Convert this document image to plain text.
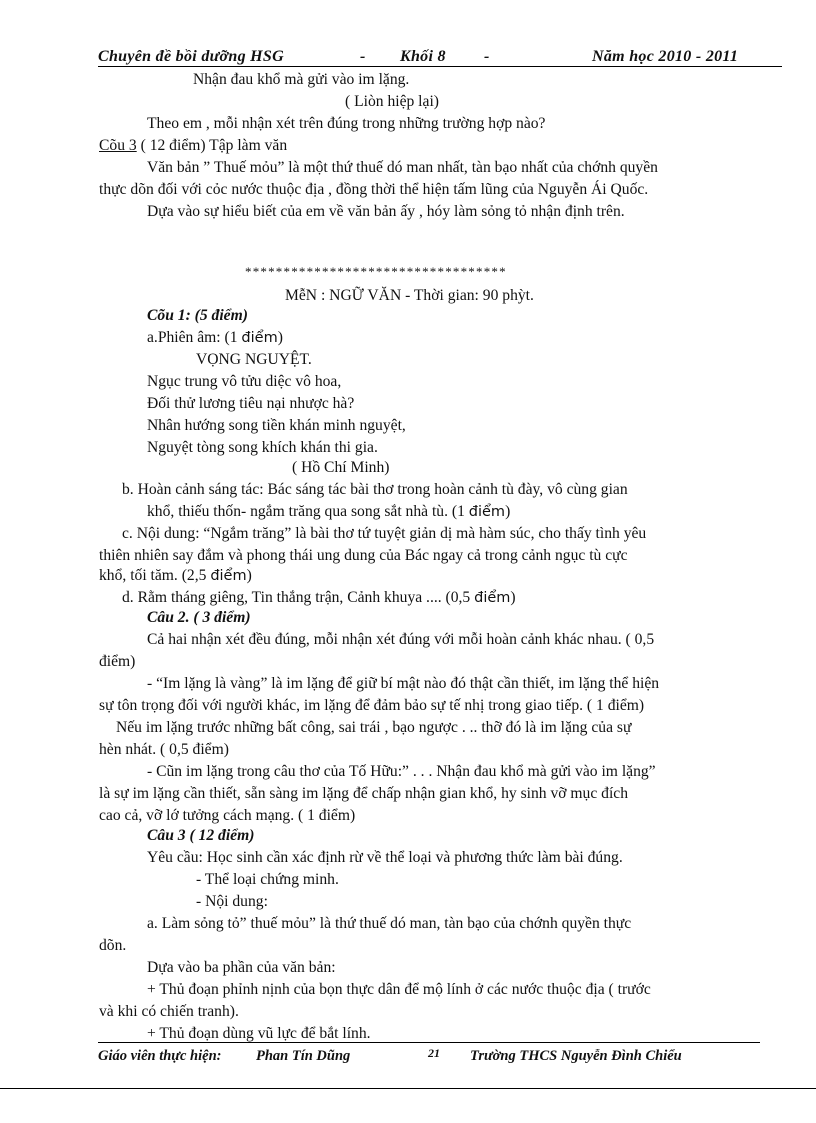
Chuyên đề bồi dưỡng HSG	- Khối 8 -	Năm học 2010 - 2011
Nhận đau khổ mà gửi vào im lặng.
( Liòn hiệp lại)
Theo em , mỗi nhận xét trên đúng trong những trường hợp nào?
Cõu 3 ( 12 điểm) Tập làm văn
Văn bản ” Thuế mỏu” là một thứ thuế dó man nhất, tàn bạo nhất của chớnh quyền
thực dõn đối với cỏc nước thuộc địa , đồng thời thể hiện tấm lũng của Nguyễn Ái Quốc.
Dựa vào sự hiểu biết của em về văn bản ấy , hóy làm sỏng tỏ nhận định trên.
**********************************
MễN : NGỮ VĂN - Thời gian: 90 phỳt.
Cõu 1: (5 điểm)
a.Phiên âm: (1 điểm)
VỌNG NGUYỆT.
Ngục trung vô tửu diệc vô hoa,
Đối thử lương tiêu nại nhược hà?
Nhân hướng song tiền khán minh nguyệt,
Nguyệt tòng song khích khán thi gia.
( Hồ Chí Minh)
b. Hoàn cảnh sáng tác: Bác sáng tác bài thơ trong hoàn cảnh tù đày, vô cùng gian
khổ, thiếu thốn- ngắm trăng qua song sắt nhà tù. (1 điểm)
c. Nội dung: “Ngắm trăng” là bài thơ tứ tuyệt giản dị mà hàm súc, cho thấy tình yêu
thiên nhiên say đắm và phong thái ung dung của Bác ngay cả trong cảnh ngục tù cực
khổ, tối tăm. (2,5 điểm)
d. Rằm tháng giêng, Tin thắng trận, Cảnh khuya .... (0,5 điểm)
Câu 2. ( 3 điểm)
Cả hai nhận xét đều đúng, mỗi nhận xét đúng với mỗi hoàn cảnh khác nhau. ( 0,5
điểm)
- “Im lặng là vàng” là im lặng để giữ bí mật nào đó thật cần thiết, im lặng thể hiện
sự tôn trọng đối với người khác, im lặng để đảm bảo sự tế nhị trong giao tiếp. ( 1 điểm)
Nếu im lặng trước những bất công, sai trái , bạo ngược . .. thỡ đó là im lặng của sự
hèn nhát. ( 0,5 điểm)
- Cũn im lặng trong câu thơ của Tố Hữu:” . . . Nhận đau khổ mà gửi vào im lặng”
là sự im lặng cần thiết, sẵn sàng im lặng để chấp nhận gian khổ, hy sinh vỡ mục đích
cao cả, vỡ lớ tưởng cách mạng. ( 1 điểm)
Câu 3 ( 12 điểm)
Yêu cầu: Học sinh cần xác định rừ về thể loại và phương thức làm bài đúng.
- Thể loại chứng minh.
- Nội dung:
a. Làm sỏng tỏ” thuế mỏu” là thứ thuế dó man, tàn bạo của chớnh quyền thực
dõn.
Dựa vào ba phần của văn bản:
+ Thủ đoạn phỉnh nịnh của bọn thực dân để mộ lính ở các nước thuộc địa ( trước
và khi có chiến tranh).
+ Thủ đoạn dùng vũ lực để bắt lính.
Giáo viên thực hiện: Phan Tín Dũng	21 Trường THCS Nguyễn Đình Chiểu
